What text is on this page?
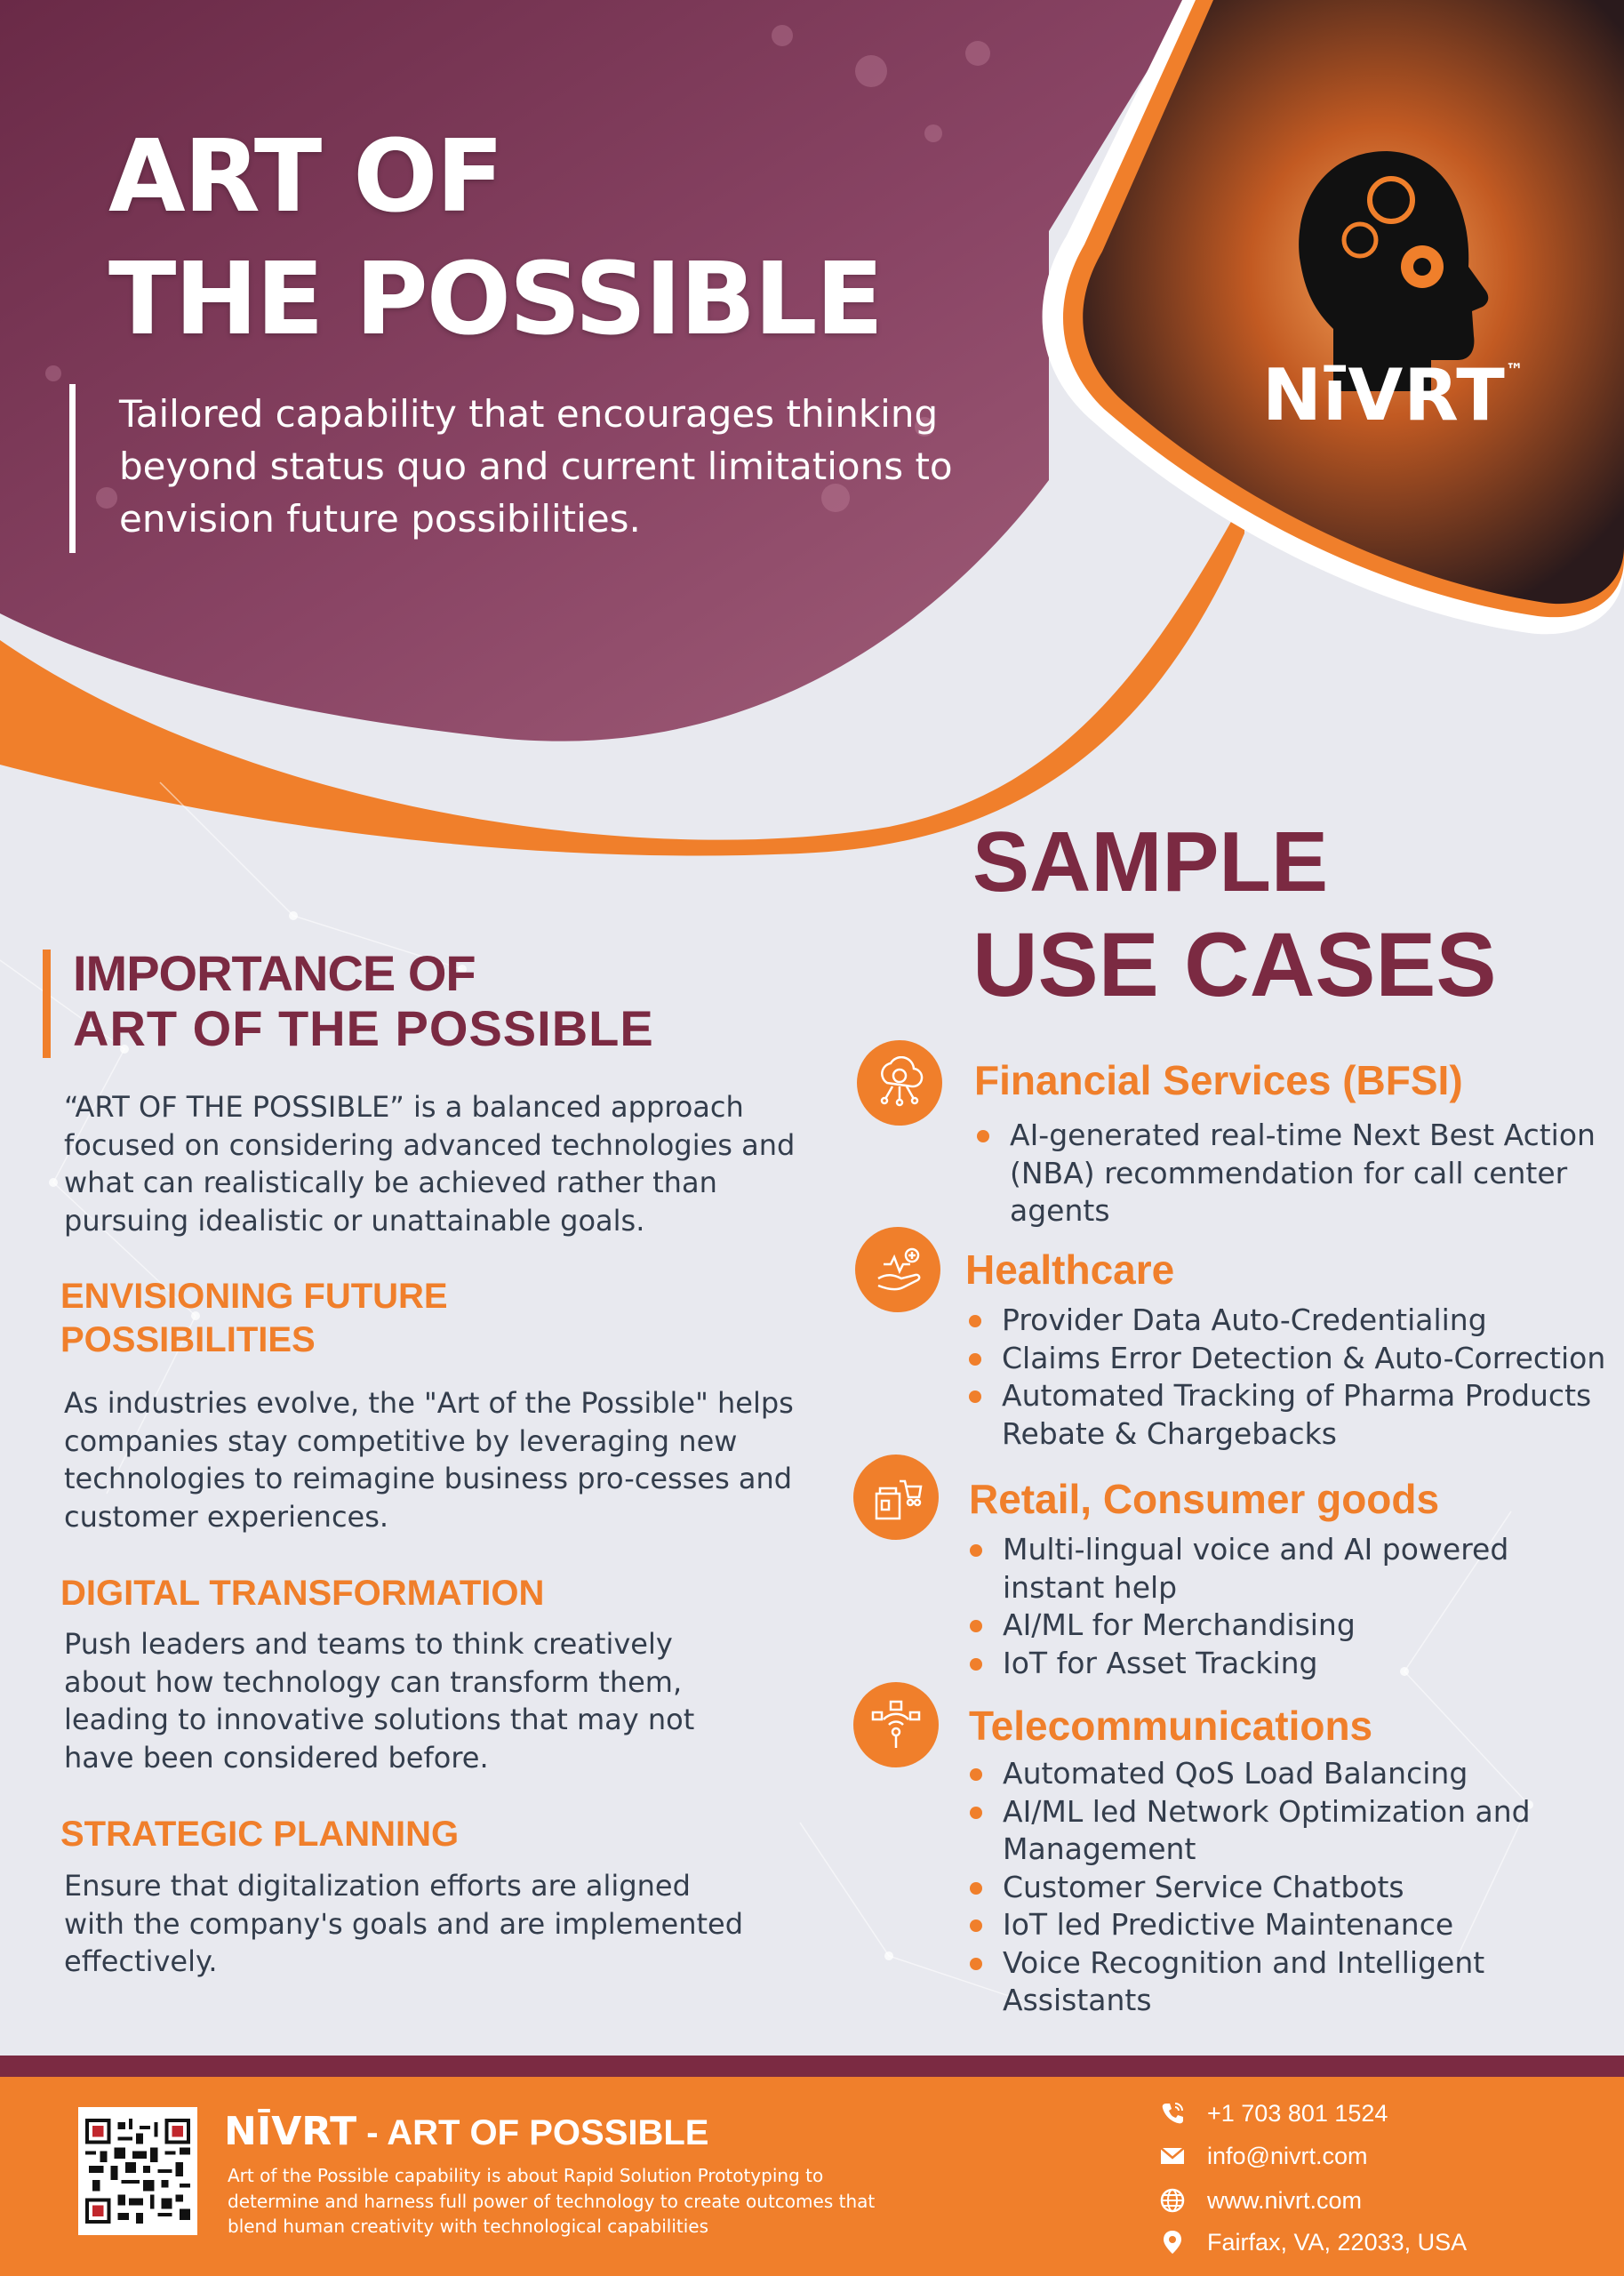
ART OF
THE POSSIBLE

Tailored capability that encourages thinking beyond status quo and current limitations to envision future possibilities.

NīVRT™
IMPORTANCE OF
ART OF THE POSSIBLE

“ART OF THE POSSIBLE” is a balanced approach focused on considering advanced technologies and what can realistically be achieved rather than pursuing idealistic or unattainable goals.

ENVISIONING FUTURE POSSIBILITIES

As industries evolve, the "Art of the Possible" helps companies stay competitive by leveraging new technologies to reimagine business pro-cesses and customer experiences.

DIGITAL TRANSFORMATION

Push leaders and teams to think creatively about how technology can transform them, leading to innovative solutions that may not have been considered before.

STRATEGIC PLANNING

Ensure that digitalization efforts are aligned with the company's goals and are implemented effectively.

SAMPLE
USE CASES
Financial Services (BFSI)
AI-generated real-time Next Best Action (NBA) recommendation for call center agents
Healthcare
Provider Data Auto-Credentialing
Claims Error Detection & Auto-Correction
Automated Tracking of Pharma Products Rebate & Chargebacks
Retail, Consumer goods
Multi-lingual voice and AI powered instant help
AI/ML for Merchandising
IoT for Asset Tracking
Telecommunications
Automated QoS Load Balancing
AI/ML led Network Optimization and Management
Customer Service Chatbots
IoT led Predictive Maintenance
Voice Recognition and Intelligent Assistants
NĪVRT - ART OF POSSIBLE

Art of the Possible capability is about Rapid Solution Prototyping to determine and harness full power of technology to create outcomes that blend human creativity with technological capabilities

+1 703 801 1524
info@nivrt.com
www.nivrt.com
Fairfax, VA, 22033, USA
